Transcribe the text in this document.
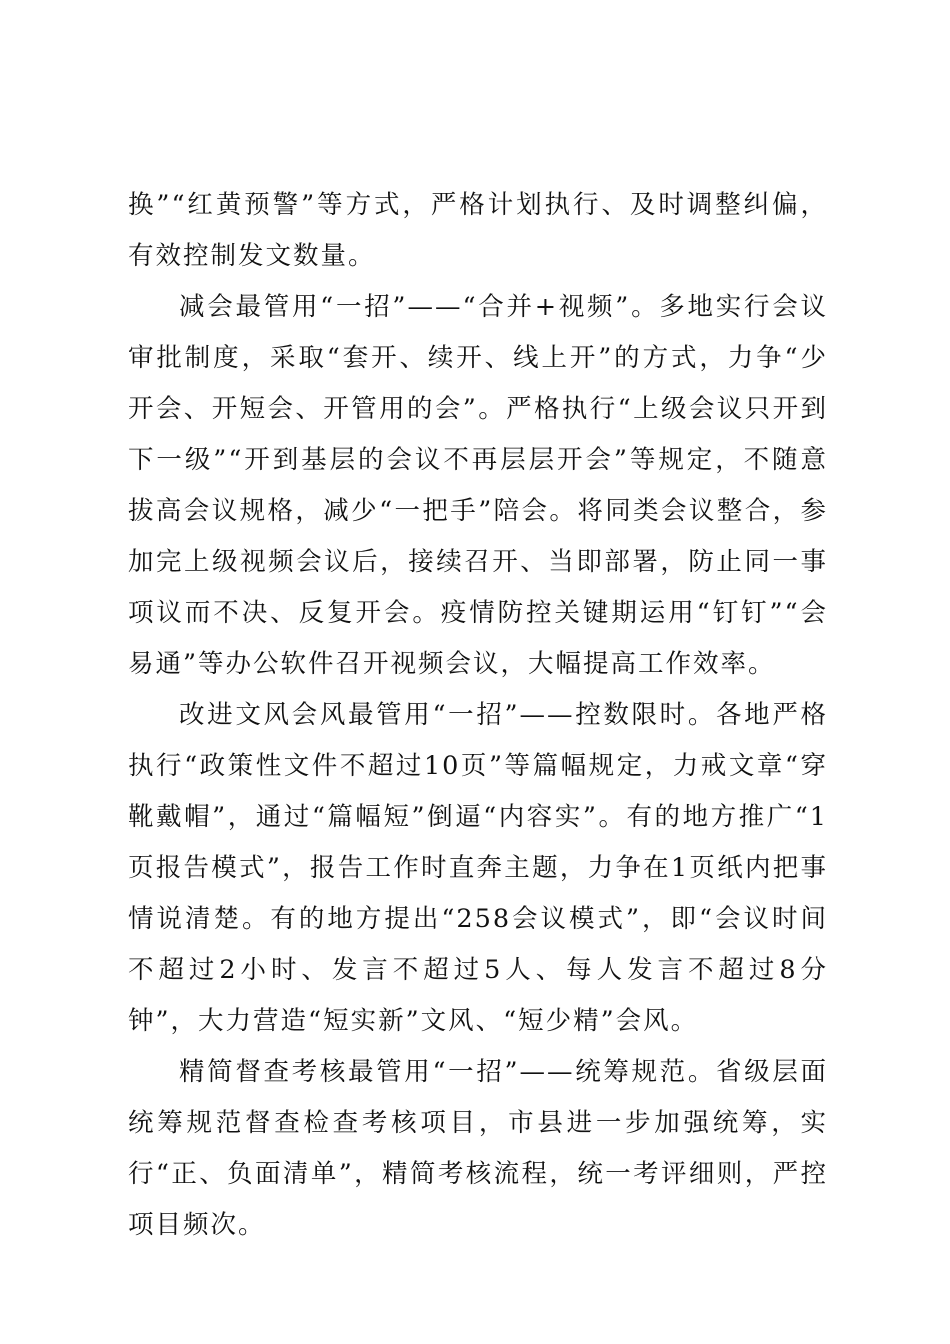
换”“红黄预警”等方式，严格计划执行、及时调整纠偏，有效控制发文数量。

减会最管用“一招”——“合并+视频”。多地实行会议审批制度，采取“套开、续开、线上开”的方式，力争“少开会、开短会、开管用的会”。严格执行“上级会议只开到下一级”“开到基层的会议不再层层开会”等规定，不随意拔高会议规格，减少“一把手”陪会。将同类会议整合，参加完上级视频会议后，接续召开、当即部署，防止同一事项议而不决、反复开会。疫情防控关键期运用“钉钉”“会易通”等办公软件召开视频会议，大幅提高工作效率。

改进文风会风最管用“一招”——控数限时。各地严格执行“政策性文件不超过10页”等篇幅规定，力戒文章“穿靴戴帽”，通过“篇幅短”倒逼“内容实”。有的地方推广“1页报告模式”，报告工作时直奔主题，力争在1页纸内把事情说清楚。有的地方提出“258会议模式”，即“会议时间不超过2小时、发言不超过5人、每人发言不超过8分钟”，大力营造“短实新”文风、“短少精”会风。

精简督查考核最管用“一招”——统筹规范。省级层面统筹规范督查检查考核项目，市县进一步加强统筹，实行“正、负面清单”，精简考核流程，统一考评细则，严控项目频次。
